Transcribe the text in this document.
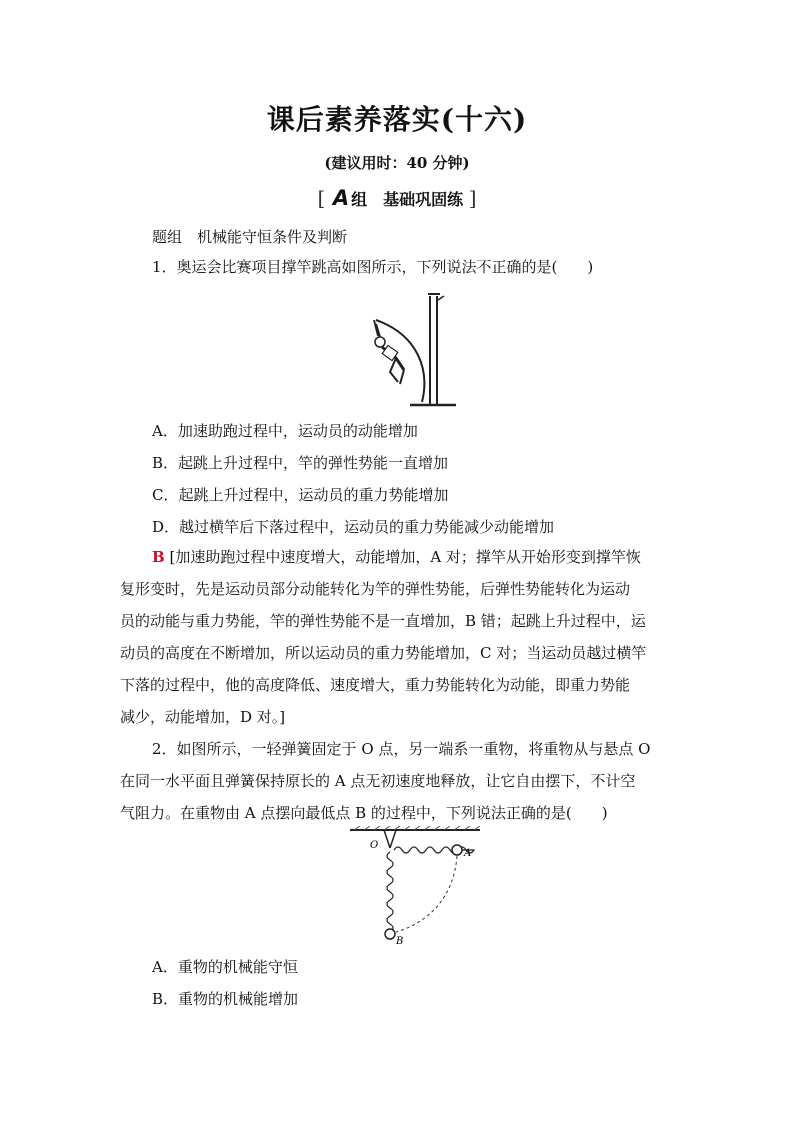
课后素养落实(十六)
(建议用时：40 分钟)
[ A 组　基础巩固练 ]
题组　机械能守恒条件及判断
1．奥运会比赛项目撑竿跳高如图所示，下列说法不正确的是(　　)
A．加速助跑过程中，运动员的动能增加
B．起跳上升过程中，竿的弹性势能一直增加
C．起跳上升过程中，运动员的重力势能增加
D．越过横竿后下落过程中，运动员的重力势能减少动能增加
B [加速助跑过程中速度增大，动能增加，A 对；撑竿从开始形变到撑竿恢
复形变时，先是运动员部分动能转化为竿的弹性势能，后弹性势能转化为运动
员的动能与重力势能，竿的弹性势能不是一直增加，B 错；起跳上升过程中，运
动员的高度在不断增加，所以运动员的重力势能增加，C 对；当运动员越过横竿
下落的过程中，他的高度降低、速度增大，重力势能转化为动能，即重力势能
减少，动能增加，D 对。]
2．如图所示，一轻弹簧固定于 O 点，另一端系一重物，将重物从与悬点 O
在同一水平面且弹簧保持原长的 A 点无初速度地释放，让它自由摆下，不计空
气阻力。在重物由 A 点摆向最低点 B 的过程中，下列说法正确的是(　　)
O
A
B
A．重物的机械能守恒
B．重物的机械能增加
